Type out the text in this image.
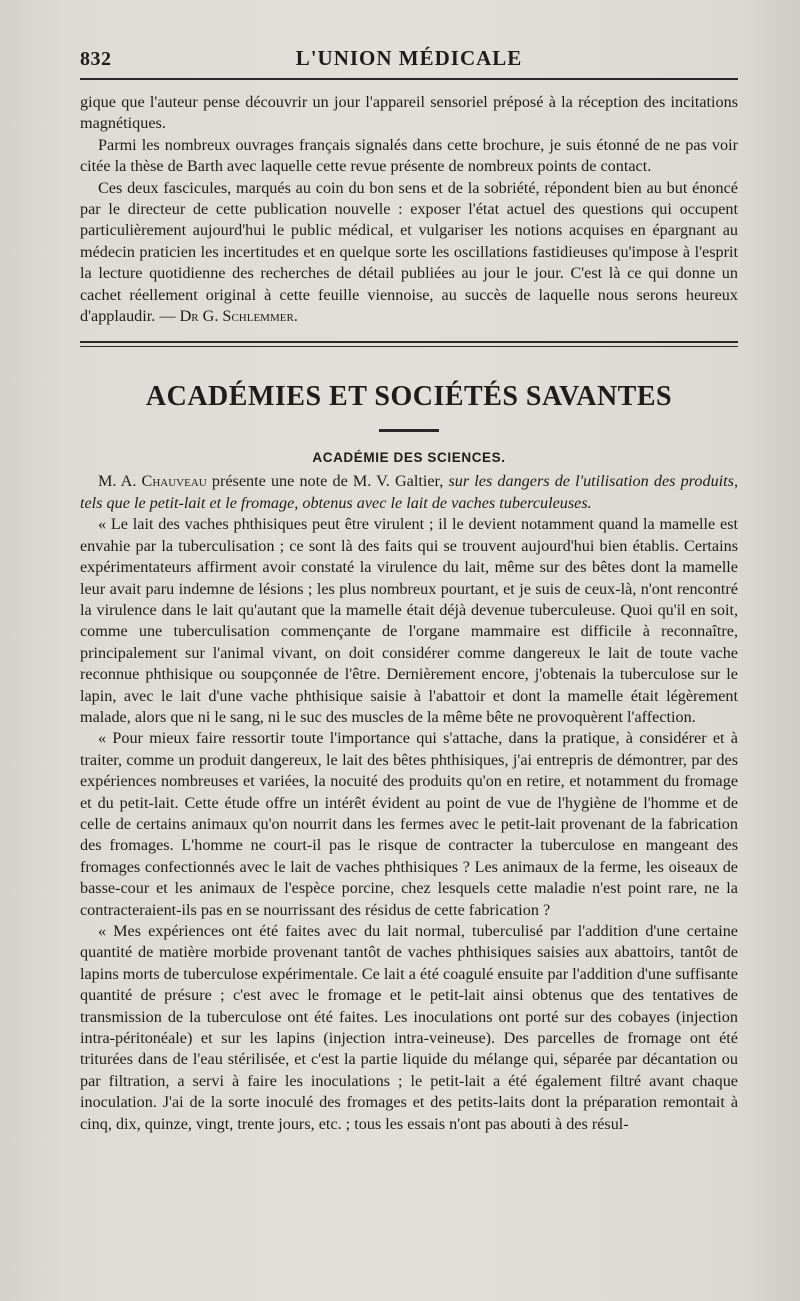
832	L'UNION MÉDICALE

gique que l'auteur pense découvrir un jour l'appareil sensoriel préposé à la réception des incitations magnétiques.

Parmi les nombreux ouvrages français signalés dans cette brochure, je suis étonné de ne pas voir citée la thèse de Barth avec laquelle cette revue présente de nombreux points de contact.

Ces deux fascicules, marqués au coin du bon sens et de la sobriété, répondent bien au but énoncé par le directeur de cette publication nouvelle : exposer l'état actuel des questions qui occupent particulièrement aujourd'hui le public médical, et vulgariser les notions acquises en épargnant au médecin praticien les incertitudes et en quelque sorte les oscillations fastidieuses qu'impose à l'esprit la lecture quotidienne des recherches de détail publiées au jour le jour. C'est là ce qui donne un cachet réellement original à cette feuille viennoise, au succès de laquelle nous serons heureux d'applaudir. — Dr G. Schlemmer.

ACADÉMIES ET SOCIÉTÉS SAVANTES
ACADÉMIE DES SCIENCES.

M. A. Chauveau présente une note de M. V. Galtier, sur les dangers de l'utilisation des produits, tels que le petit-lait et le fromage, obtenus avec le lait de vaches tuberculeuses.

« Le lait des vaches phthisiques peut être virulent ; il le devient notamment quand la mamelle est envahie par la tuberculisation ; ce sont là des faits qui se trouvent aujourd'hui bien établis. Certains expérimentateurs affirment avoir constaté la virulence du lait, même sur des bêtes dont la mamelle leur avait paru indemne de lésions ; les plus nombreux pourtant, et je suis de ceux-là, n'ont rencontré la virulence dans le lait qu'autant que la mamelle était déjà devenue tuberculeuse. Quoi qu'il en soit, comme une tuberculisation commençante de l'organe mammaire est difficile à reconnaître, principalement sur l'animal vivant, on doit considérer comme dangereux le lait de toute vache reconnue phthisique ou soupçonnée de l'être. Dernièrement encore, j'obtenais la tuberculose sur le lapin, avec le lait d'une vache phthisique saisie à l'abattoir et dont la mamelle était légèrement malade, alors que ni le sang, ni le suc des muscles de la même bête ne provoquèrent l'affection.

« Pour mieux faire ressortir toute l'importance qui s'attache, dans la pratique, à considérer et à traiter, comme un produit dangereux, le lait des bêtes phthisiques, j'ai entrepris de démontrer, par des expériences nombreuses et variées, la nocuité des produits qu'on en retire, et notamment du fromage et du petit-lait. Cette étude offre un intérêt évident au point de vue de l'hygiène de l'homme et de celle de certains animaux qu'on nourrit dans les fermes avec le petit-lait provenant de la fabrication des fromages. L'homme ne court-il pas le risque de contracter la tuberculose en mangeant des fromages confectionnés avec le lait de vaches phthisiques ? Les animaux de la ferme, les oiseaux de basse-cour et les animaux de l'espèce porcine, chez lesquels cette maladie n'est point rare, ne la contracteraient-ils pas en se nourrissant des résidus de cette fabrication ?

« Mes expériences ont été faites avec du lait normal, tuberculisé par l'addition d'une certaine quantité de matière morbide provenant tantôt de vaches phthisiques saisies aux abattoirs, tantôt de lapins morts de tuberculose expérimentale. Ce lait a été coagulé ensuite par l'addition d'une suffisante quantité de présure ; c'est avec le fromage et le petit-lait ainsi obtenus que des tentatives de transmission de la tuberculose ont été faites. Les inoculations ont porté sur des cobayes (injection intra-péritonéale) et sur les lapins (injection intra-veineuse). Des parcelles de fromage ont été triturées dans de l'eau stérilisée, et c'est la partie liquide du mélange qui, séparée par décantation ou par filtration, a servi à faire les inoculations ; le petit-lait a été également filtré avant chaque inoculation. J'ai de la sorte inoculé des fromages et des petits-laits dont la préparation remontait à cinq, dix, quinze, vingt, trente jours, etc. ; tous les essais n'ont pas abouti à des résul-
